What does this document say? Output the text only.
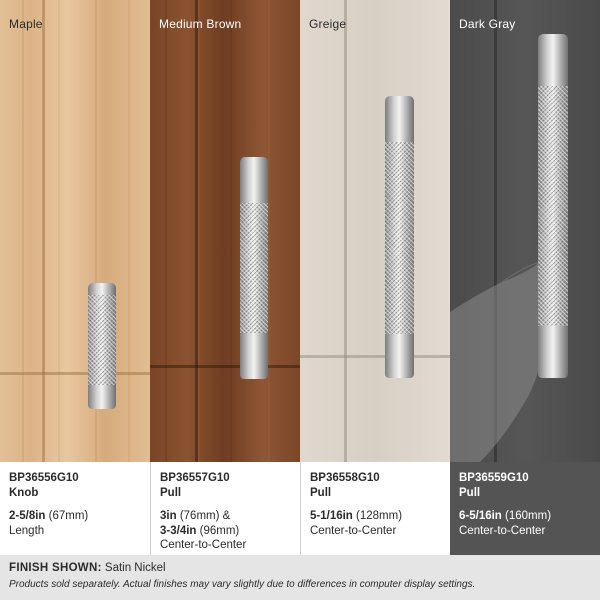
Maple	Medium Brown	Greige	Dark Gray
BP36556G10
Knob
2-5/8in (67mm)
Length
BP36557G10
Pull
3in (76mm) &
3-3/4in (96mm)
Center-to-Center
BP36558G10
Pull
5-1/16in (128mm)
Center-to-Center
BP36559G10
Pull
6-5/16in (160mm)
Center-to-Center
FINISH SHOWN: Satin Nickel
Products sold separately. Actual finishes may vary slightly due to differences in computer display settings.
